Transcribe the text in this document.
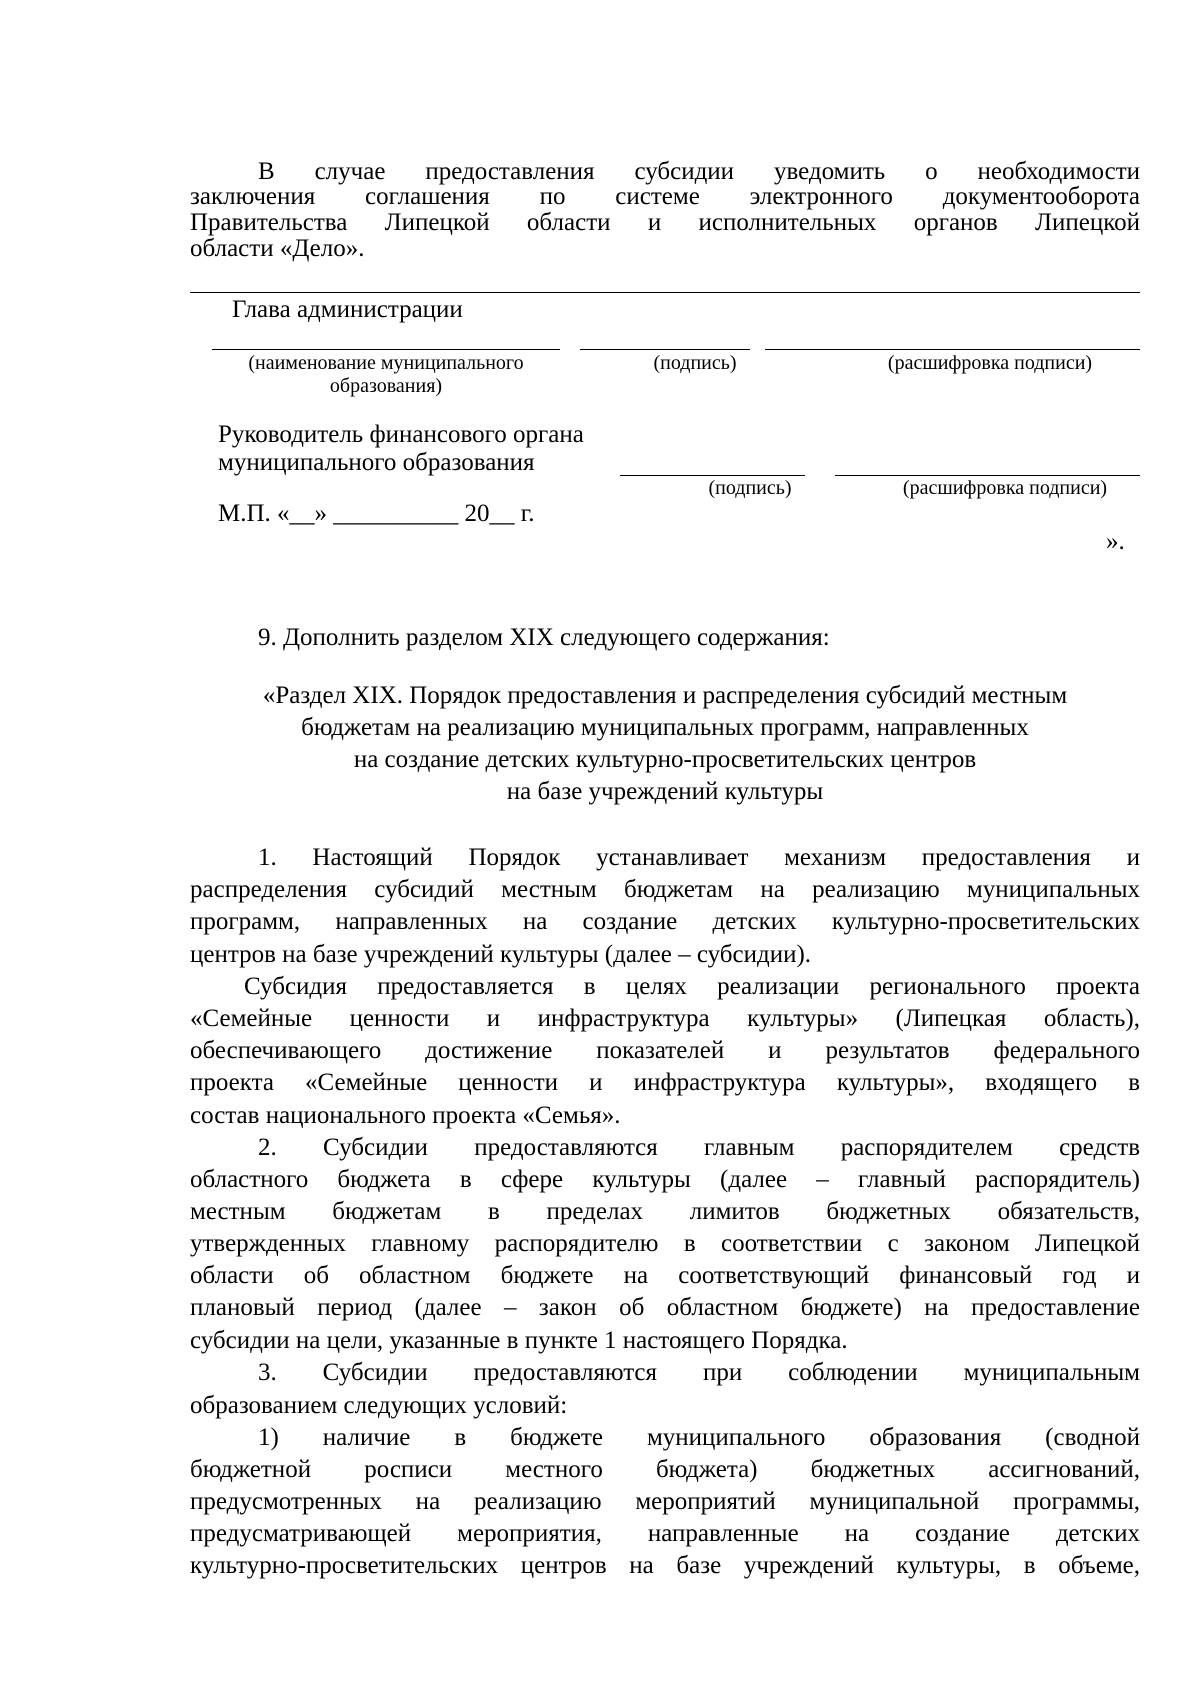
В случае предоставления субсидии уведомить о необходимости

заключения соглашения по системе электронного документооборота

Правительства Липецкой области и исполнительных органов Липецкой

области «Дело».

Глава администрации

(наименование муниципального

образования)

(подпись)	(расшифровка подписи)

Руководитель финансового органа

муниципального образования

(подпись)	(расшифровка подписи)

М.П. «__» __________ 20__ г.

».

9. Дополнить разделом XIX следующего содержания:

«Раздел XIX. Порядок предоставления и распределения субсидий местным

бюджетам на реализацию муниципальных программ, направленных

на создание детских культурно-просветительских центров

на базе учреждений культуры

1. Настоящий Порядок устанавливает механизм предоставления и

распределения субсидий местным бюджетам на реализацию муниципальных

программ, направленных на создание детских культурно-просветительских

центров на базе учреждений культуры (далее – субсидии).

Субсидия предоставляется в целях реализации регионального проекта

«Семейные ценности и инфраструктура культуры» (Липецкая область),

обеспечивающего достижение показателей и результатов федерального

проекта «Семейные ценности и инфраструктура культуры», входящего в

состав национального проекта «Семья».

2. Субсидии предоставляются главным распорядителем средств

областного бюджета в сфере культуры (далее – главный распорядитель)

местным бюджетам в пределах лимитов бюджетных обязательств,

утвержденных главному распорядителю в соответствии с законом Липецкой

области об областном бюджете на соответствующий финансовый год и

плановый период (далее – закон об областном бюджете) на предоставление

субсидии на цели, указанные в пункте 1 настоящего Порядка.

3. Субсидии предоставляются при соблюдении муниципальным

образованием следующих условий:

1) наличие в бюджете муниципального образования (сводной

бюджетной росписи местного бюджета) бюджетных ассигнований,

предусмотренных на реализацию мероприятий муниципальной программы,

предусматривающей мероприятия, направленные на создание детских

культурно-просветительских центров на базе учреждений культуры, в объеме,
